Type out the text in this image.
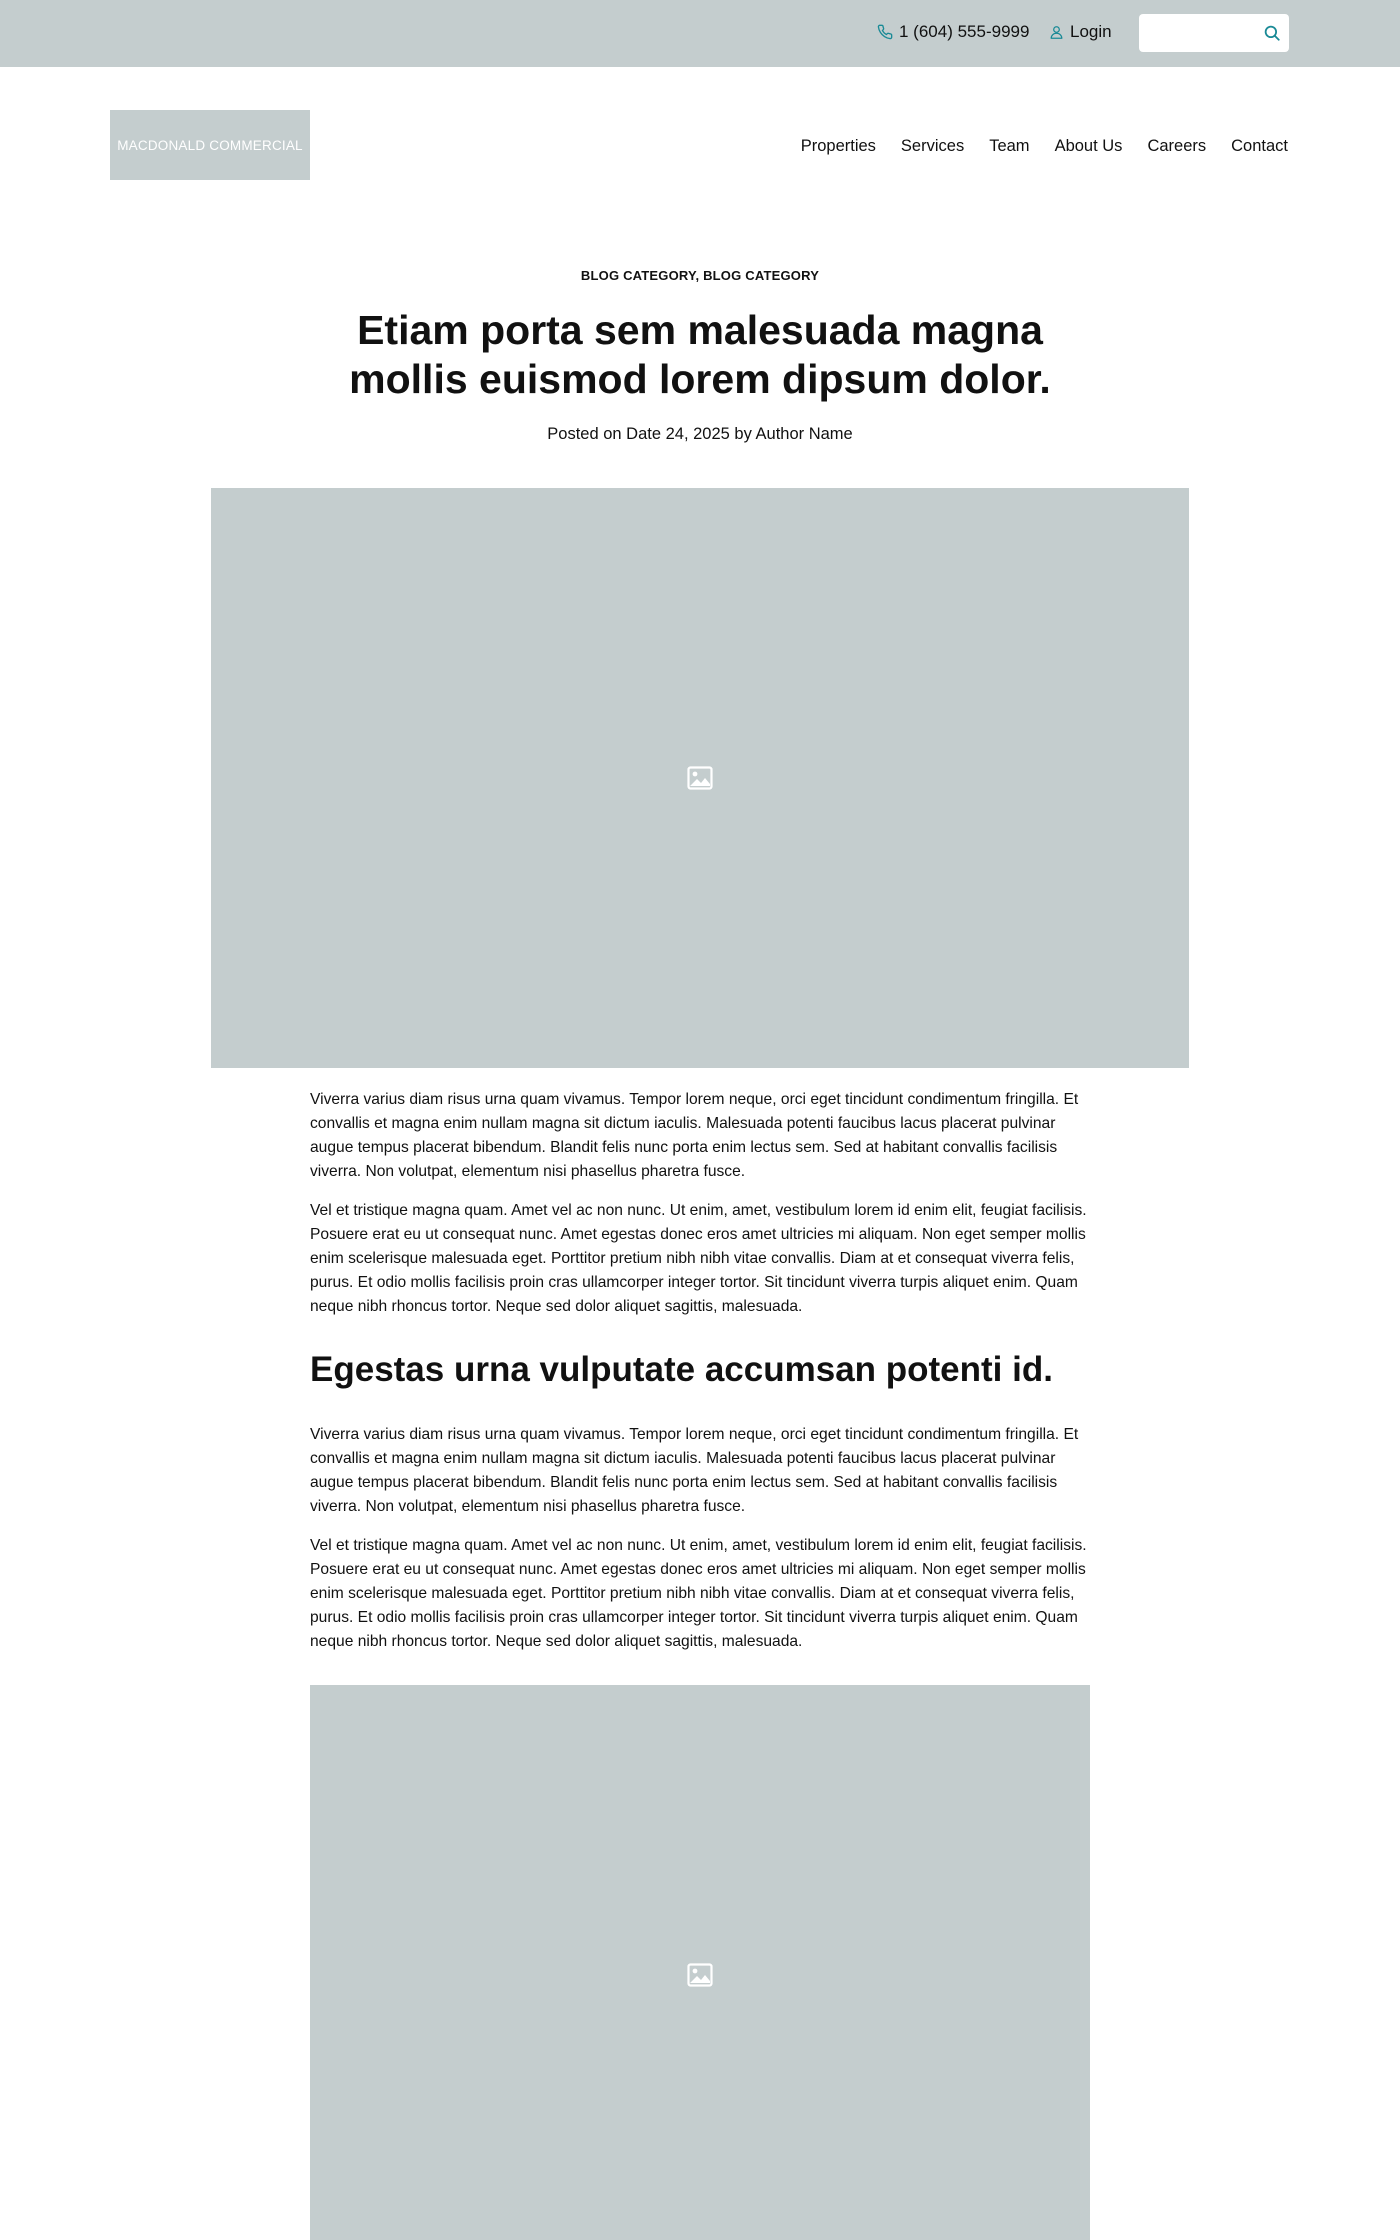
1 (604) 555-9999 Login
MACDONALD COMMERCIAL	Properties Services Team About Us Careers Contact
BLOG CATEGORY, BLOG CATEGORY
Etiam porta sem malesuada magna mollis euismod lorem dipsum dolor.
Posted on Date 24, 2025 by Author Name

Viverra varius diam risus urna quam vivamus. Tempor lorem neque, orci eget tincidunt condimentum fringilla. Et convallis et magna enim nullam magna sit dictum iaculis. Malesuada potenti faucibus lacus placerat pulvinar augue tempus placerat bibendum. Blandit felis nunc porta enim lectus sem. Sed at habitant convallis facilisis viverra. Non volutpat, elementum nisi phasellus pharetra fusce.

Vel et tristique magna quam. Amet vel ac non nunc. Ut enim, amet, vestibulum lorem id enim elit, feugiat facilisis. Posuere erat eu ut consequat nunc. Amet egestas donec eros amet ultricies mi aliquam. Non eget semper mollis enim scelerisque malesuada eget. Porttitor pretium nibh nibh vitae convallis. Diam at et consequat viverra felis, purus. Et odio mollis facilisis proin cras ullamcorper integer tortor. Sit tincidunt viverra turpis aliquet enim. Quam neque nibh rhoncus tortor. Neque sed dolor aliquet sagittis, malesuada.

Egestas urna vulputate accumsan potenti id.

Viverra varius diam risus urna quam vivamus. Tempor lorem neque, orci eget tincidunt condimentum fringilla. Et convallis et magna enim nullam magna sit dictum iaculis. Malesuada potenti faucibus lacus placerat pulvinar augue tempus placerat bibendum. Blandit felis nunc porta enim lectus sem. Sed at habitant convallis facilisis viverra. Non volutpat, elementum nisi phasellus pharetra fusce.

Vel et tristique magna quam. Amet vel ac non nunc. Ut enim, amet, vestibulum lorem id enim elit, feugiat facilisis. Posuere erat eu ut consequat nunc. Amet egestas donec eros amet ultricies mi aliquam. Non eget semper mollis enim scelerisque malesuada eget. Porttitor pretium nibh nibh vitae convallis. Diam at et consequat viverra felis, purus. Et odio mollis facilisis proin cras ullamcorper integer tortor. Sit tincidunt viverra turpis aliquet enim. Quam neque nibh rhoncus tortor. Neque sed dolor aliquet sagittis, malesuada.
